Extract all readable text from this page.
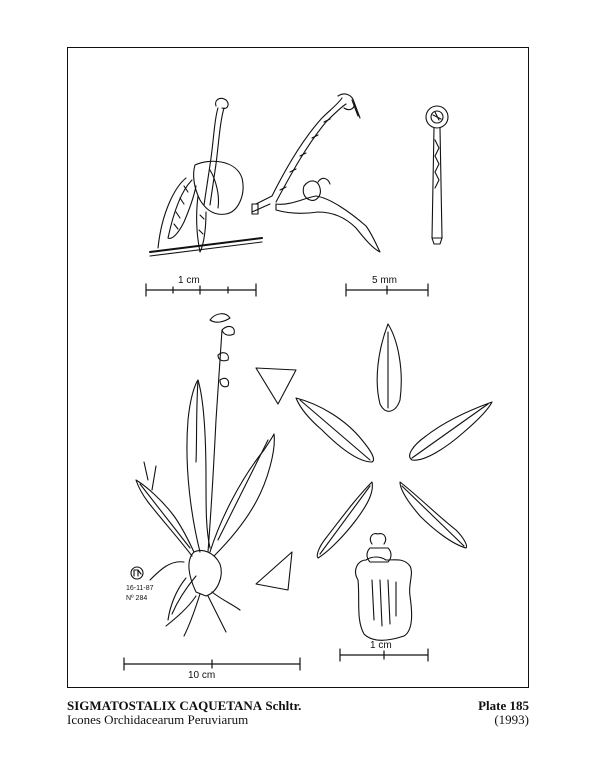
1 cm	5 mm
10 cm
1 cm
16-11-87
Nº 284
SIGMATOSTALIX CAQUETANA Schltr.	Plate 185
Icones Orchidacearum Peruviarum	(1993)
